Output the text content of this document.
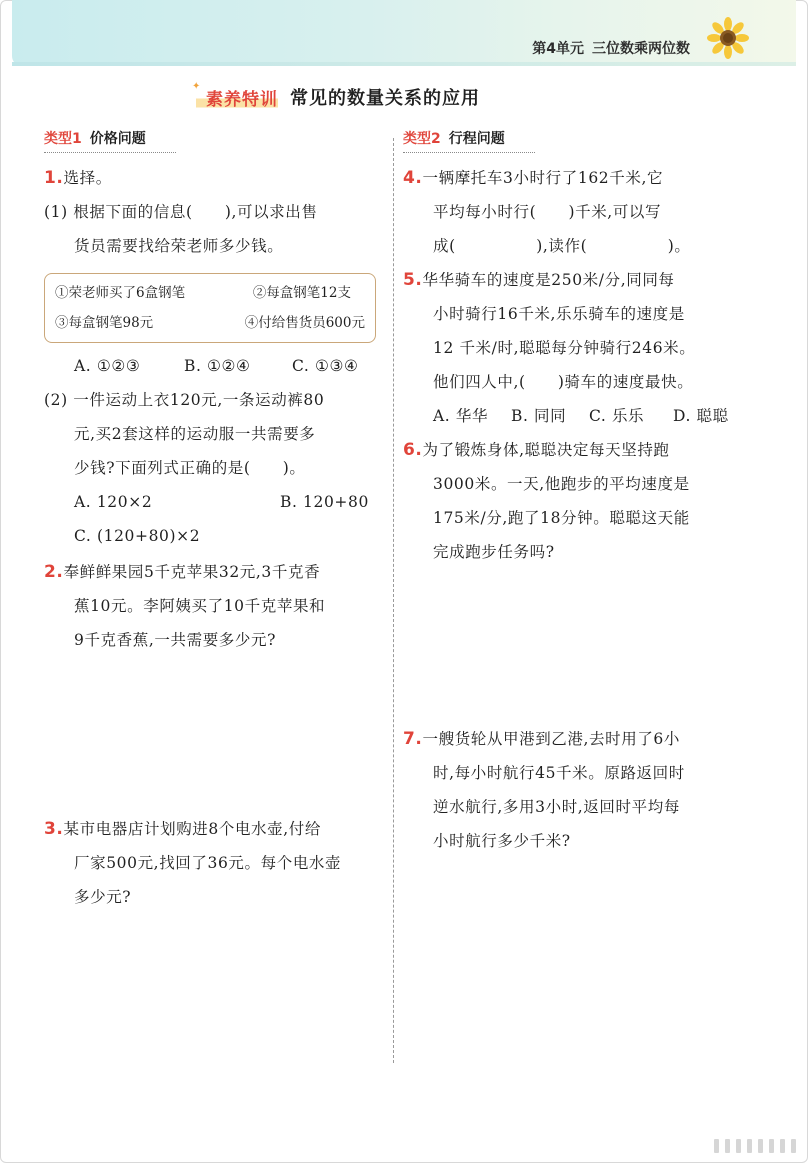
第4单元 三位数乘两位数
✦ 素养特训 常见的数量关系的应用
类型1 价格问题
1.选择。
(1) 根据下面的信息(　　),可以求出售
货员需要找给荣老师多少钱。
①荣老师买了6盒钢笔	②每盒钢笔12支
③每盒钢笔98元	④付给售货员600元
A. ①②③	B. ①②④	C. ①③④
(2) 一件运动上衣120元,一条运动裤80
元,买2套这样的运动服一共需要多
少钱?下面列式正确的是(　　)。
A. 120×2	B. 120+80
C. (120+80)×2
2.奉鲜鲜果园5千克苹果32元,3千克香
蕉10元。李阿姨买了10千克苹果和
9千克香蕉,一共需要多少元?
3.某市电器店计划购进8个电水壶,付给
厂家500元,找回了36元。每个电水壶
多少元?
类型2 行程问题
4.一辆摩托车3小时行了162千米,它
平均每小时行(　　)千米,可以写
成(　　　　　),读作(　　　　　)。
5.华华骑车的速度是250米/分,同同每
小时骑行16千米,乐乐骑车的速度是
12 千米/时,聪聪每分钟骑行246米。
他们四人中,(　　)骑车的速度最快。
A. 华华	B. 同同	C. 乐乐	D. 聪聪
6.为了锻炼身体,聪聪决定每天坚持跑
3000米。一天,他跑步的平均速度是
175米/分,跑了18分钟。聪聪这天能
完成跑步任务吗?
7.一艘货轮从甲港到乙港,去时用了6小
时,每小时航行45千米。原路返回时
逆水航行,多用3小时,返回时平均每
小时航行多少千米?
